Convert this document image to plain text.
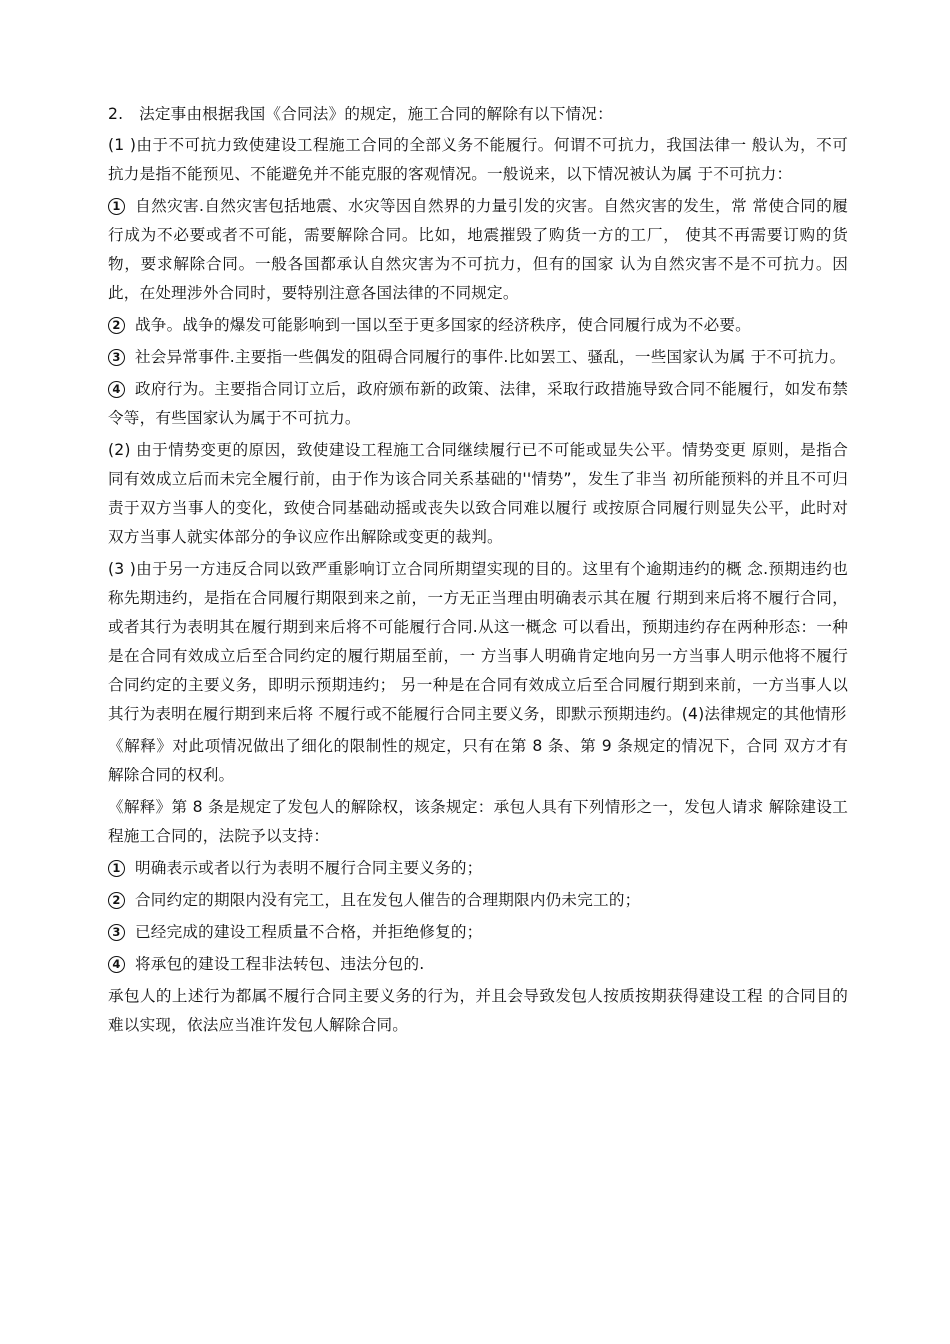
2.　法定事由根据我国《合同法》的规定，施工合同的解除有以下情况：

(1 )由于不可抗力致使建设工程施工合同的全部义务不能履行。何谓不可抗力，我国法律一 般认为，不可抗力是指不能预见、不能避免并不能克服的客观情况。一般说来，以下情况被认为属 于不可抗力：

1 自然灾害.自然灾害包括地震、水灾等因自然界的力量引发的灾害。自然灾害的发生，常 常使合同的履行成为不必要或者不可能，需要解除合同。比如，地震摧毁了购货一方的工厂， 使其不再需要订购的货物，要求解除合同。一般各国都承认自然灾害为不可抗力，但有的国家 认为自然灾害不是不可抗力。因此，在处理涉外合同时，要特别注意各国法律的不同规定。

2 战争。战争的爆发可能影响到一国以至于更多国家的经济秩序，使合同履行成为不必要。

3 社会异常事件.主要指一些偶发的阻碍合同履行的事件.比如罢工、骚乱，一些国家认为属 于不可抗力。

4 政府行为。主要指合同订立后，政府颁布新的政策、法律，采取行政措施导致合同不能履行，如发布禁令等，有些国家认为属于不可抗力。

(2) 由于情势变更的原因，致使建设工程施工合同继续履行已不可能或显失公平。情势变更 原则，是指合同有效成立后而未完全履行前，由于作为该合同关系基础的''情势”，发生了非当 初所能预料的并且不可归责于双方当事人的变化，致使合同基础动摇或丧失以致合同难以履行 或按原合同履行则显失公平，此时对双方当事人就实体部分的争议应作出解除或变更的裁判。

(3 )由于另一方违反合同以致严重影响订立合同所期望实现的目的。这里有个逾期违约的概 念.预期违约也称先期违约，是指在合同履行期限到来之前，一方无正当理由明确表示其在履 行期到来后将不履行合同，或者其行为表明其在履行期到来后将不可能履行合同.从这一概念 可以看出，预期违约存在两种形态：一种是在合同有效成立后至合同约定的履行期届至前，一 方当事人明确肯定地向另一方当事人明示他将不履行合同约定的主要义务，即明示预期违约； 另一种是在合同有效成立后至合同履行期到来前，一方当事人以其行为表明在履行期到来后将 不履行或不能履行合同主要义务，即默示预期违约。(4)法律规定的其他情形

《解释》对此项情况做出了细化的限制性的规定，只有在第 8 条、第 9 条规定的情况下，合同 双方才有解除合同的权利。

《解释》第 8 条是规定了发包人的解除权，该条规定：承包人具有下列情形之一，发包人请求 解除建设工程施工合同的，法院予以支持：

1 明确表示或者以行为表明不履行合同主要义务的；

2 合同约定的期限内没有完工，且在发包人催告的合理期限内仍未完工的；

3 已经完成的建设工程质量不合格，并拒绝修复的；

4 将承包的建设工程非法转包、违法分包的.

承包人的上述行为都属不履行合同主要义务的行为，并且会导致发包人按质按期获得建设工程 的合同目的难以实现，依法应当准许发包人解除合同。
